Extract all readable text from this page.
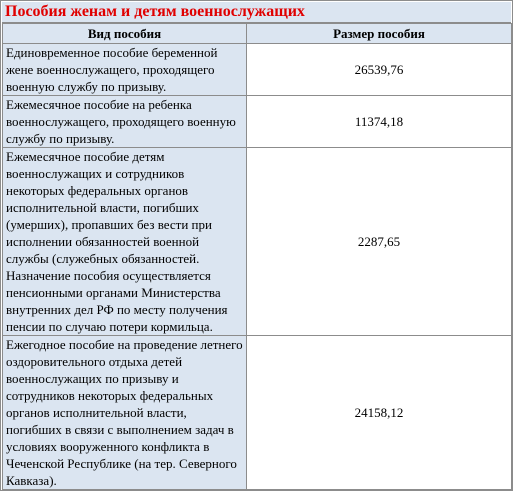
Пособия женам и детям военнослужащих
Вид пособия	Размер пособия
Единовременное пособие беременной жене военнослужащего, проходящего военную службу по призыву.	26539,76
Ежемесячное пособие на ребенка военнослужащего, проходящего военную службу по призыву.	11374,18
Ежемесячное пособие детям военнослужащих и сотрудников некоторых федеральных органов исполнительной власти, погибших (умерших), пропавших без вести при исполнении обязанностей военной службы (служебных обязанностей. Назначение пособия осуществляется пенсионными органами Министерства внутренних дел РФ по месту получения пенсии по случаю потери кормильца.	2287,65
Ежегодное пособие на проведение летнего оздоровительного отдыха детей военнослужащих по призыву и сотрудников некоторых федеральных органов исполнительной власти, погибших в связи с выполнением задач в условиях вооруженного конфликта в Чеченской Республике (на тер. Северного Кавказа).	24158,12
